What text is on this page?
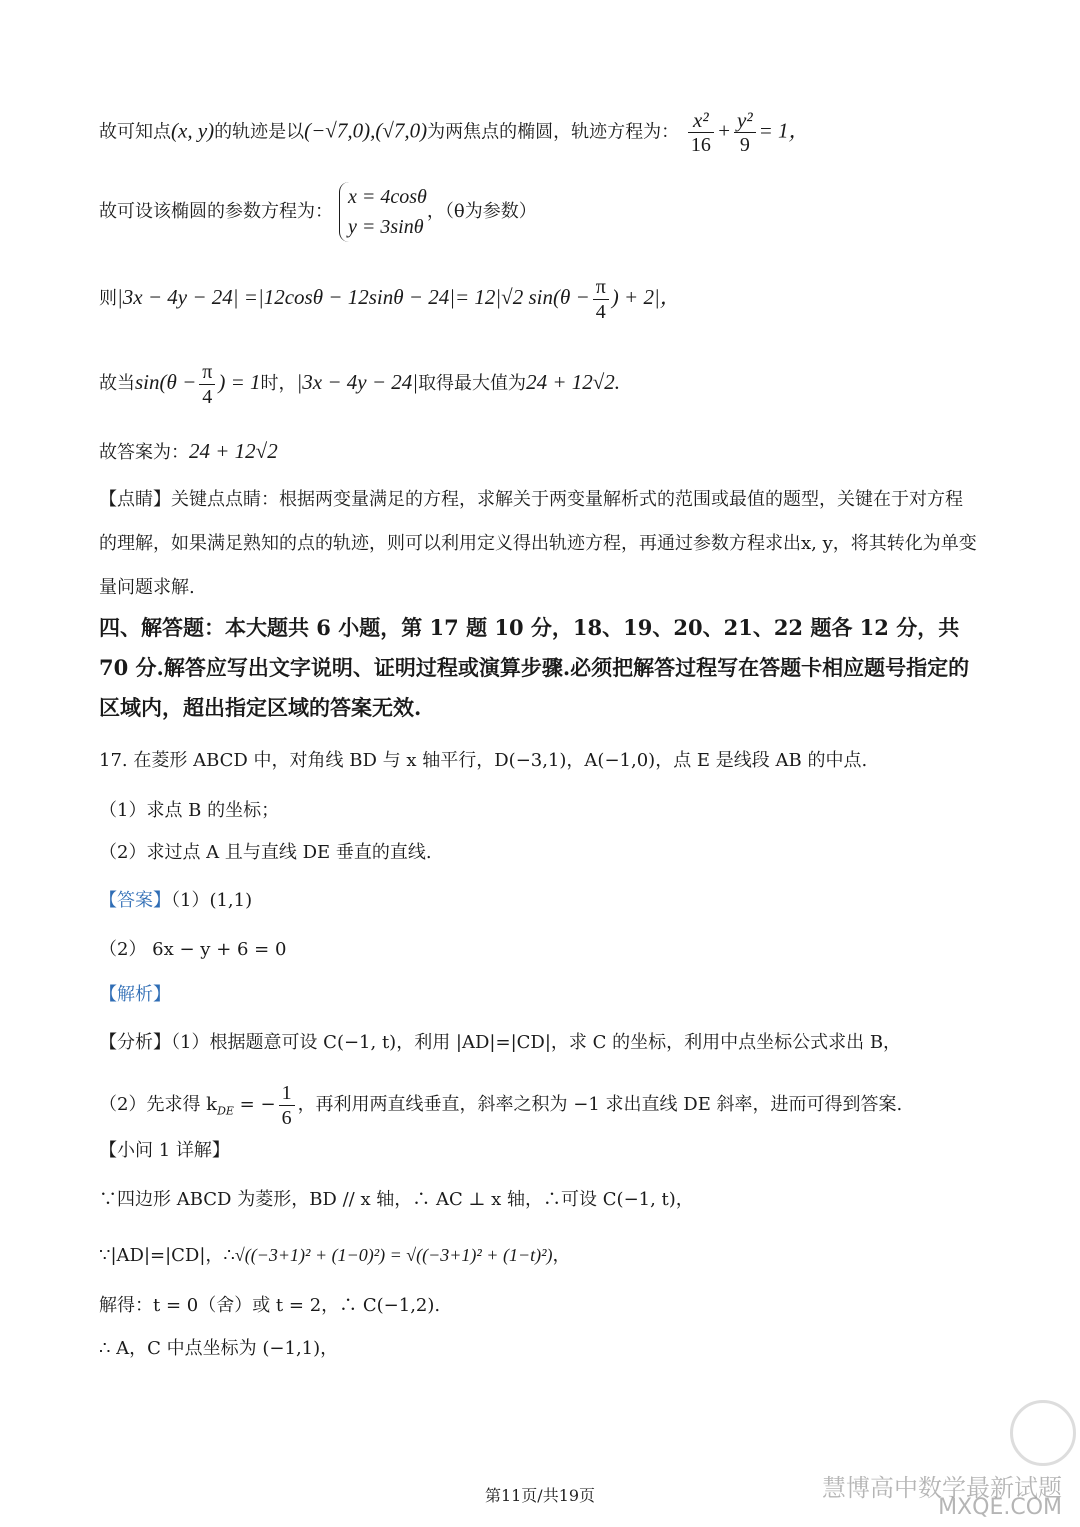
故可知点(x, y)的轨迹是以(−√7,0),(√7,0)为两焦点的椭圆，轨迹方程为： $\frac{\text{x²}}{16} + \frac{\text{y²}}{9} = 1$，
故可设该椭圆的参数方程为：
x = 4cosθ
y = 3sinθ
，（θ为参数）
则|3x − 4y − 24| =|12cosθ − 12sinθ − 24|= 12|√2 $\sin(\theta - \frac{\pi}{4}$ ) + 2|，
故当$\sin(\theta - \frac{\pi}{4}$ ) = 1时，|3x − 4y − 24|取得最大值为24 + 12√2.
故答案为：24 + 12√2
【点睛】关键点点睛：根据两变量满足的方程，求解关于两变量解析式的范围或最值的题型，关键在于对方程的理解，如果满足熟知的点的轨迹，则可以利用定义得出轨迹方程，再通过参数方程求出x, y，将其转化为单变量问题求解.
四、解答题：本大题共 6 小题，第 17 题 10 分，18、19、20、21、22 题各 12 分，共 70 分.解答应写出文字说明、证明过程或演算步骤.必须把解答过程写在答题卡相应题号指定的区域内，超出指定区域的答案无效.
17. 在菱形 ABCD 中，对角线 BD 与 x 轴平行，D(−3,1)，A(−1,0)，点 E 是线段 AB 的中点.
（1）求点 B 的坐标；
（2）求过点 A 且与直线 DE 垂直的直线.
【答案】（1）(1,1)
（2） 6x − y + 6 = 0
【解析】
【分析】（1）根据题意可设 C(−1, t)，利用 |AD|=|CD|，求 C 的坐标，利用中点坐标公式求出 B，
（2）先求得 $k_{DE}$ = − $\frac{1}{6}$ ，再利用两直线垂直，斜率之积为 −1 求出直线 DE 斜率，进而可得到答案.
【小问 1 详解】
∵四边形 ABCD 为菱形，BD // x 轴，∴ AC ⊥ x 轴，∴可设 C(−1, t)，
∵|AD|=|CD|，∴√((−3+1)² + (1−0)²) = √((−3+1)² + (1−t)²)，
解得：t = 0（舍）或 t = 2，∴ C(−1,2).
∴ A，C 中点坐标为 (−1,1)，
慧博高中数学最新试题
MXQE.COM
第11页/共19页
